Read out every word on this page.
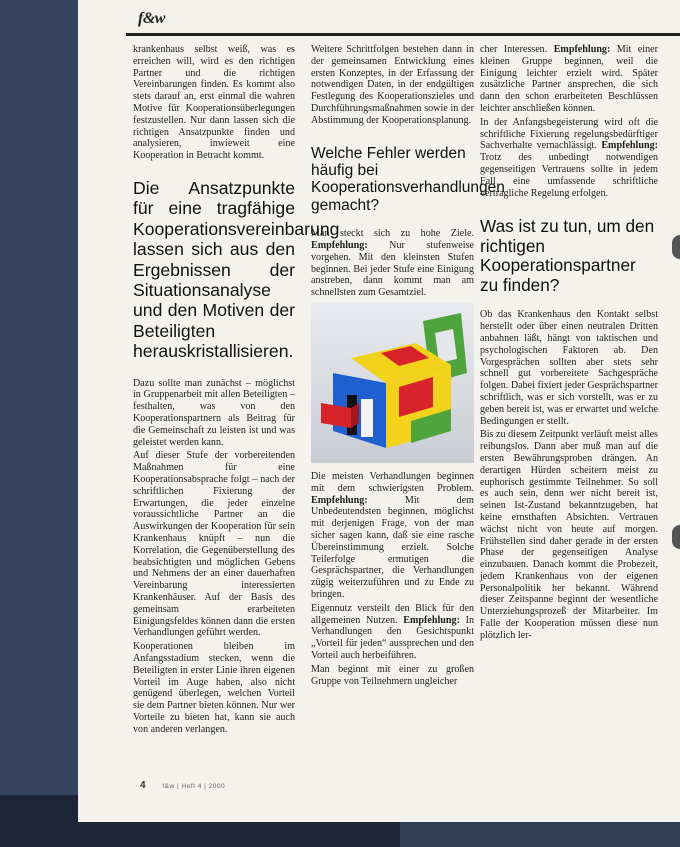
f&w

krankenhaus selbst weiß, was es erreichen will, wird es den richtigen Partner und die richtigen Vereinbarungen finden. Es kommt also stets darauf an, erst einmal die wahren Motive für Kooperationsüberlegungen festzustellen. Nur dann lassen sich die richtigen Ansatzpunkte finden und analysieren, inwieweit eine Kooperation in Betracht kommt.

Die Ansatzpunkte für eine tragfähige Kooperationsvereinbarung lassen sich aus den Ergebnissen der Situationsanalyse und den Motiven der Beteiligten herauskristallisieren.

Dazu sollte man zunächst – möglichst in Gruppenarbeit mit allen Beteiligten – festhalten, was von den Kooperationspartnern als Beitrag für die Gemeinschaft zu leisten ist und was geleistet werden kann.

Auf dieser Stufe der vorbereitenden Maßnahmen für eine Kooperationsabsprache folgt – nach der schriftlichen Fixierung der Erwartungen, die jeder einzelne voraussichtliche Partner an die Auswirkungen der Kooperation für sein Krankenhaus knüpft – nun die Korrelation, die Gegenüberstellung des beabsichtigten und möglichen Gebens und Nehmens der an einer dauerhaften Vereinbarung interessierten Krankenhäuser. Auf der Basis des gemeinsam erarbeiteten Einigungsfeldes können dann die ersten Verhandlungen geführt werden.

Kooperationen bleiben im Anfangsstadium stecken, wenn die Beteiligten in erster Linie ihren eigenen Vorteil im Auge haben, also nicht genügend überlegen, welchen Vorteil sie dem Partner bieten können. Nur wer Vorteile zu bieten hat, kann sie auch von anderen verlangen.

Weitere Schrittfolgen bestehen dann in der gemeinsamen Entwicklung eines ersten Konzeptes, in der Erfassung der notwendigen Daten, in der endgültigen Festlegung des Kooperationszieles und Durchführungsmaßnahmen sowie in der Abstimmung der Kooperationsplanung.

Welche Fehler werden häufig bei Kooperationsverhandlungen gemacht?

Man steckt sich zu hohe Ziele. Empfehlung: Nur stufenweise vorgehen. Mit den kleinsten Stufen beginnen. Bei jeder Stufe eine Einigung anstreben, dann kommt man am schnellsten zum Gesamtziel.

Die meisten Verhandlungen beginnen mit dem schwierigsten Problem. Empfehlung:	Mit dem Unbedeutendsten beginnen, möglichst mit derjenigen Frage, von der man sicher sagen kann, daß sie eine rasche Übereinstimmung erzielt. Solche Teilerfolge ermutigen die Gesprächspartner, die Verhandlungen zügig weiterzuführen und zu Ende zu bringen.

Eigennutz versteilt den Blick für den allgemeinen Nutzen. Empfehlung: In Verhandlungen den Gesichtspunkt „Vorteil für jeden“ aussprechen und den Vorteil auch herbeiführen.

Man beginnt mit einer zu großen Gruppe von Teilnehmern ungleicher

cher Interessen. Empfehlung: Mit einer kleinen Gruppe beginnen, weil die Einigung leichter erzielt wird. Später zusätzliche Partner ansprechen, die sich dann den schon erarbeiteten Beschlüssen leichter anschließen können.

In der Anfangsbegeisterung wird oft die schriftliche Fixierung regelungsbedürftiger Sachverhalte vernachlässigt. Empfehlung: Trotz des unbedingt notwendigen gegenseitigen Vertrauens sollte in jedem Fall eine umfassende schriftliche vertragliche Regelung erfolgen.

Was ist zu tun, um den richtigen Kooperationspartner zu finden?

Ob das Krankenhaus den Kontakt selbst herstellt oder über einen neutralen Dritten anbahnen läßt, hängt von taktischen und psychologischen Faktoren ab. Den Vorgesprächen sollten aber stets sehr schnell gut vorbereitete Sachgespräche folgen. Dabei fixiert jeder Gesprächspartner schriftlich, was er sich vorstellt, was er zu geben bereit ist, was er erwartet und welche Bedingungen er stellt.

Bis zu diesem Zeitpunkt verläuft meist alles reibungslos. Dann aber muß man auf die ersten Bewährungsproben drängen. An derartigen Hürden scheitern meist zu euphorisch gestimmte Teilnehmer. So soll es auch sein, denn wer nicht bereit ist, seinen Ist-Zustand bekanntzugeben, hat keine ernsthaften Absichten. Vertrauen wächst nicht von heute auf morgen. Frühstellen sind daher gerade in der ersten Phase der gegenseitigen Analyse einzubauen. Danach kommt die Probezeit, jedem Krankenhaus von der eigenen Personalpolitik her bekannt. Während dieser Zeitspanne beginnt der wesentliche Unterziehungsprozeß der Mitarbeiter. Im Falle der Kooperation müssen diese nun plötzlich ler-

4	f&w | Heft 4 | 2000
